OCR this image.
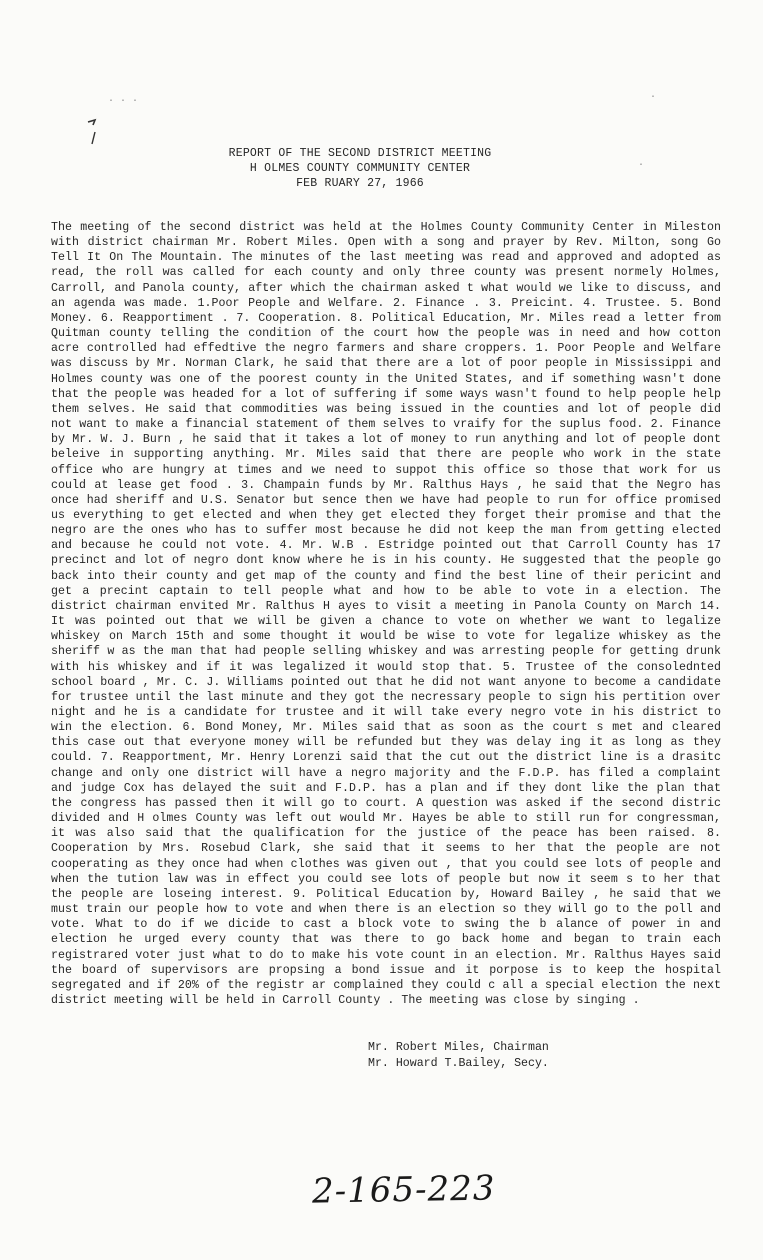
· · ·	·
·
REPORT OF THE SECOND DISTRICT MEETING
H OLMES COUNTY COMMUNITY CENTER
FEB RUARY 27, 1966
The meeting of the second district was held at the Holmes County Community Center in Mileston with district chairman Mr. Robert Miles. Open with a song and prayer by Rev. Milton, song Go Tell It On The Mountain. The minutes of the last meeting was read and approved and adopted as read, the roll was called for each county and only three county was present normely Holmes, Carroll, and Panola county, after which the chairman asked t what would we like to discuss, and an agenda was made. 1.Poor People and Welfare. 2. Finance . 3. Preicint. 4. Trustee. 5. Bond Money. 6. Reapportiment . 7. Cooperation. 8. Political Education, Mr. Miles read a letter from Quitman county telling the condition of the court how the people was in need and how cotton acre controlled had effedtive the negro farmers and share croppers. 1. Poor People and Welfare was discuss by Mr. Norman Clark, he said that there are a lot of poor people in Mississippi and Holmes county was one of the poorest county in the United States, and if something wasn't done that the people was headed for a lot of suffering if some ways wasn't found to help people help them selves. He said that commodities was being issued in the counties and lot of people did not want to make a financial statement of them selves to vraify for the suplus food. 2. Finance by Mr. W. J. Burn , he said that it takes a lot of money to run anything and lot of people dont beleive in supporting anything. Mr. Miles said that there are people who work in the state office who are hungry at times and we need to suppot this office so those that work for us could at lease get food . 3. Champain funds by Mr. Ralthus Hays , he said that the Negro has once had sheriff and U.S. Senator but sence then we have had people to run for office promised us everything to get elected and when they get elected they forget their promise and that the negro are the ones who has to suffer most because he did not keep the man from getting elected and because he could not vote. 4. Mr. W.B . Estridge pointed out that Carroll County has 17 precinct and lot of negro dont know where he is in his county. He suggested that the people go back into their county and get map of the county and find the best line of their pericint and get a precint captain to tell people what and how to be able to vote in a election. The district chairman envited Mr. Ralthus H ayes to visit a meeting in Panola County on March 14. It was pointed out that we will be given a chance to vote on whether we want to legalize whiskey on March 15th and some thought it would be wise to vote for legalize whiskey as the sheriff w as the man that had people selling whiskey and was arresting people for getting drunk with his whiskey and if it was legalized it would stop that. 5. Trustee of the consolednted school board , Mr. C. J. Williams pointed out that he did not want anyone to become a candidate for trustee until the last minute and they got the necressary people to sign his pertition over night and he is a candidate for trustee and it will take every negro vote in his district to win the election. 6. Bond Money, Mr. Miles said that as soon as the court s met and cleared this case out that everyone money will be refunded but they was delay ing it as long as they could. 7. Reapportment, Mr. Henry Lorenzi said that the cut out the district line is a drasitc change and only one district will have a negro majority and the F.D.P. has filed a complaint and judge Cox has delayed the suit and F.D.P. has a plan and if they dont like the plan that the congress has passed then it will go to court. A question was asked if the second distric divided and H olmes County was left out would Mr. Hayes be able to still run for congressman, it was also said that the qualification for the justice of the peace has been raised. 8. Cooperation by Mrs. Rosebud Clark, she said that it seems to her that the people are not cooperating as they once had when clothes was given out , that you could see lots of people and when the tution law was in effect you could see lots of people but now it seem s to her that the people are loseing interest. 9. Political Education by, Howard Bailey , he said that we must train our people how to vote and when there is an election so they will go to the poll and vote. What to do if we dicide to cast a block vote to swing the b alance of power in and election he urged every county that was there to go back home and began to train each registrared voter just what to do to make his vote count in an election. Mr. Ralthus Hayes said the board of supervisors are propsing a bond issue and it porpose is to keep the hospital segregated and if 20% of the registr ar complained they could c all a special election the next district meeting will be held in Carroll County . The meeting was close by singing .
Mr. Robert Miles, Chairman
Mr. Howard T.Bailey, Secy.
2-165-223
